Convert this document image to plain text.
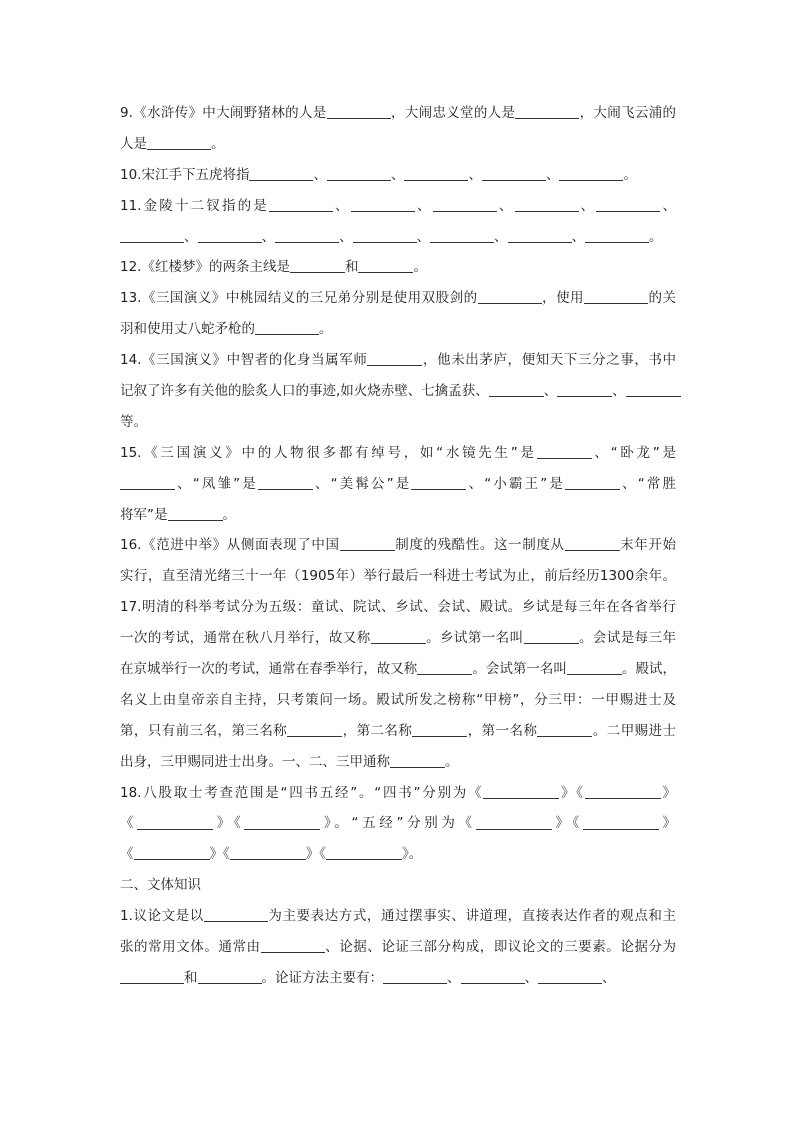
9.《水浒传》中大闹野猪林的人是	，大闹忠义堂的人是	，大闹飞云浦的
人是	。
10.宋江手下五虎将指	、	、	、	、	。
11.金陵十二钗指的是	、	、	、	、	、
、	、	、	、	、	、	。
12.《红楼梦》的两条主线是	和	。
13.《三国演义》中桃园结义的三兄弟分别是使用双股剑的	，使用	的关
羽和使用丈八蛇矛枪的	。
14.《三国演义》中智者的化身当属军师	，他未出茅庐，便知天下三分之事，书中
记叙了许多有关他的脍炙人口的事迹,如火烧赤壁、七擒孟获、	、	、
等。
15.《三国演义》中的人物很多都有绰号，如“水镜先生”是	、“卧龙”是
、“凤雏”是	、“美髯公”是	、“小霸王”是	、“常胜
将军”是	。
16.《范进中举》从侧面表现了中国	制度的残酷性。这一制度从	末年开始
实行，直至清光绪三十一年（1905年）举行最后一科进士考试为止，前后经历1300余年。
17.明清的科举考试分为五级：童试、院试、乡试、会试、殿试。乡试是每三年在各省举行
一次的考试，通常在秋八月举行，故又称	。乡试第一名叫	。会试是每三年
在京城举行一次的考试，通常在春季举行，故又称	。会试第一名叫	。殿试，
名义上由皇帝亲自主持，只考策问一场。殿试所发之榜称“甲榜”，分三甲：一甲赐进士及
第，只有前三名，第三名称	，第二名称	，第一名称	。二甲赐进士
出身，三甲赐同进士出身。一、二、三甲通称	。
18.八股取士考查范围是“四书五经”。“四书”分别为《	》《	》
《	》《	》。“五经”分别为《	》《	》
《	》《	》《	》。
二、文体知识
1.议论文是以	为主要表达方式，通过摆事实、讲道理，直接表达作者的观点和主
张的常用文体。通常由	、论据、论证三部分构成，即议论文的三要素。论据分为
和	。论证方法主要有：	、	、	、
